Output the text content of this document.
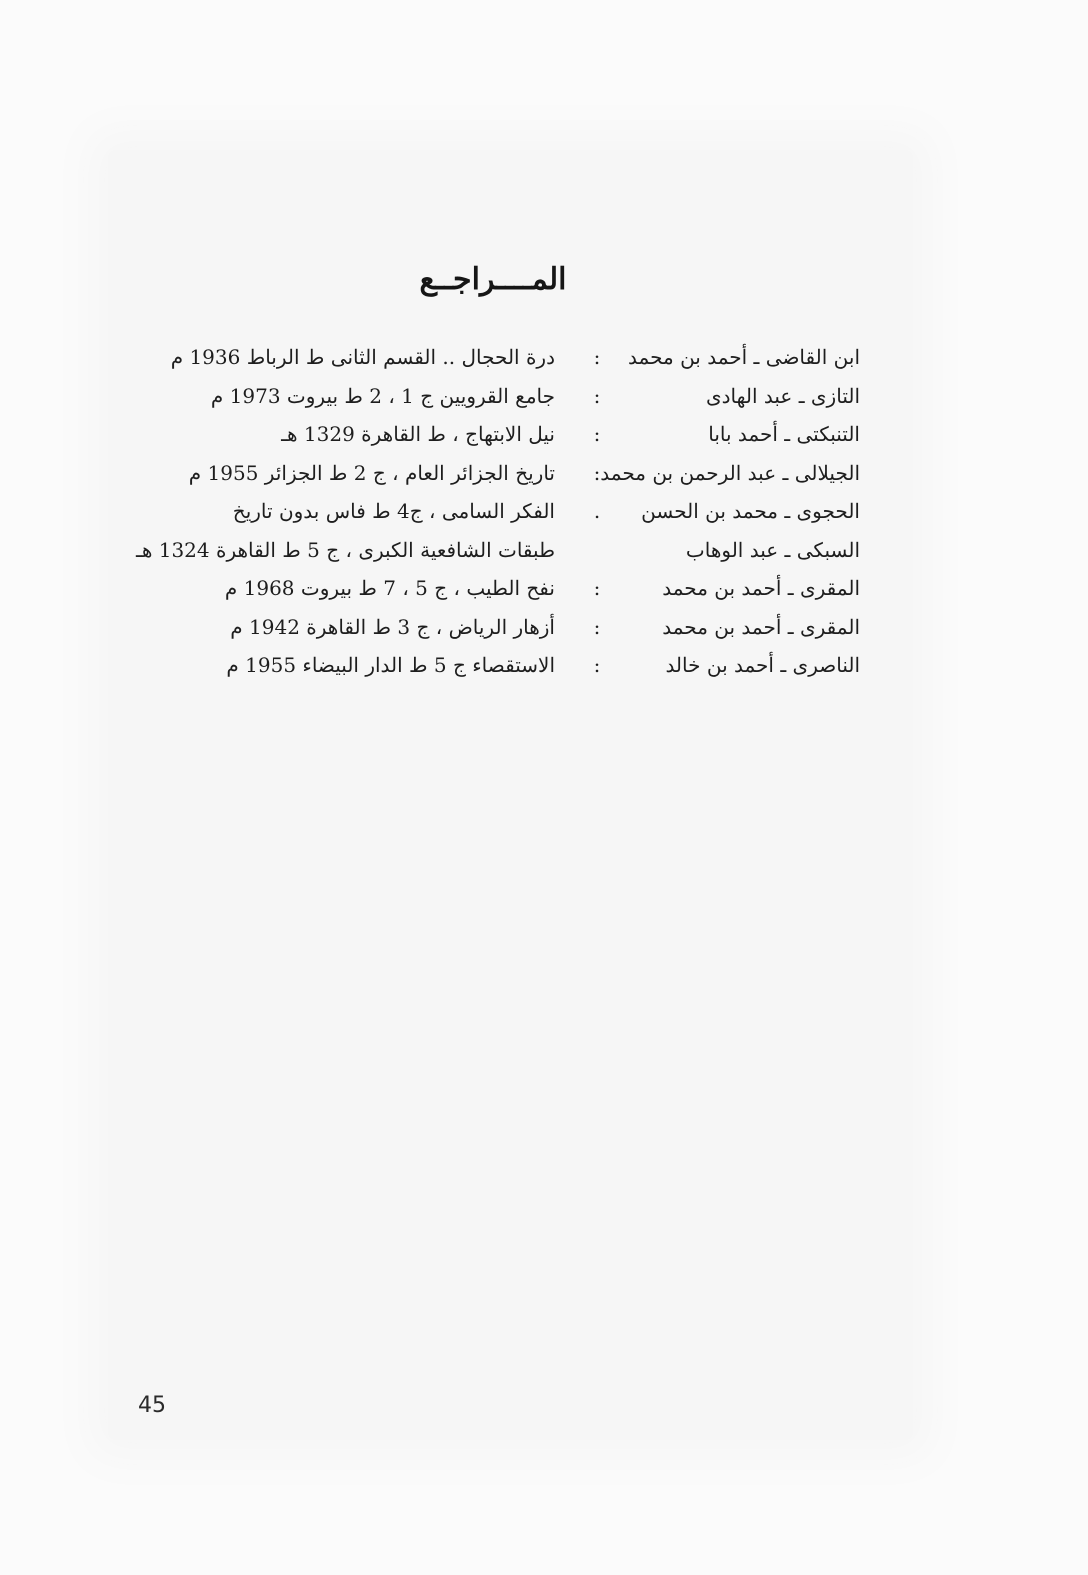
المــــراجــع
ابن القاضى ـ أحمد بن محمد
:
درة الحجال .. القسم الثانى ط الرباط 1936 م
التازى ـ عبد الهادى
:
جامع القرويين ج 1 ، 2 ط بيروت 1973 م
التنبكتى ـ أحمد بابا
:
نيل الابتهاج ، ط القاهرة 1329 هـ
الجيلالى ـ عبد الرحمن بن محمد
:
تاريخ الجزائر العام ، ج 2 ط الجزائر 1955 م
الحجوى ـ محمد بن الحسن
.
الفكر السامى ، ج4 ط فاس بدون تاريخ
السبكى ـ عبد الوهاب
طبقات الشافعية الكبرى ، ج 5 ط القاهرة 1324 هـ
المقرى ـ أحمد بن محمد
:
نفح الطيب ، ج 5 ، 7 ط بيروت 1968 م
المقرى ـ أحمد بن محمد
:
أزهار الرياض ، ج 3 ط القاهرة 1942 م
الناصرى ـ أحمد بن خالد
:
الاستقصاء ج 5 ط الدار البيضاء 1955 م
45
